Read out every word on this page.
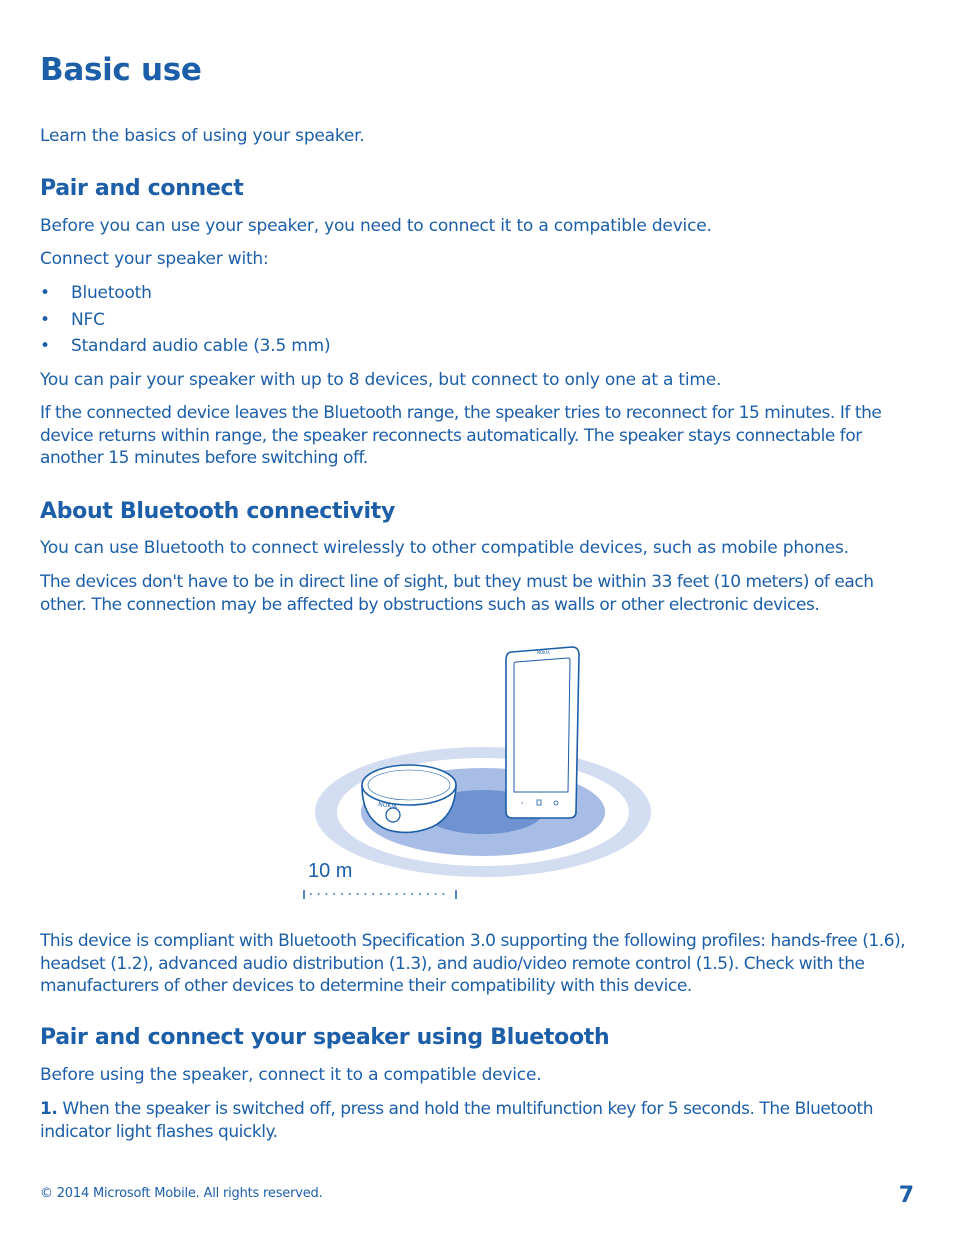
Basic use

Learn the basics of using your speaker.

Pair and connect

Before you can use your speaker, you need to connect it to a compatible device.

Connect your speaker with:

• Bluetooth
• NFC
• Standard audio cable (3.5 mm)

You can pair your speaker with up to 8 devices, but connect to only one at a time.

If the connected device leaves the Bluetooth range, the speaker tries to reconnect for 15 minutes. If the device returns within range, the speaker reconnects automatically. The speaker stays connectable for another 15 minutes before switching off.

About Bluetooth connectivity

You can use Bluetooth to connect wirelessly to other compatible devices, such as mobile phones.

The devices don't have to be in direct line of sight, but they must be within 33 feet (10 meters) of each other. The connection may be affected by obstructions such as walls or other electronic devices.

NOKIA
‹
NOKIA
10 m

This device is compliant with Bluetooth Specification 3.0 supporting the following profiles: hands-free (1.6), headset (1.2), advanced audio distribution (1.3), and audio/video remote control (1.5). Check with the manufacturers of other devices to determine their compatibility with this device.

Pair and connect your speaker using Bluetooth

Before using the speaker, connect it to a compatible device.

1. When the speaker is switched off, press and hold the multifunction key for 5 seconds. The Bluetooth indicator light flashes quickly.

© 2014 Microsoft Mobile. All rights reserved.	7
